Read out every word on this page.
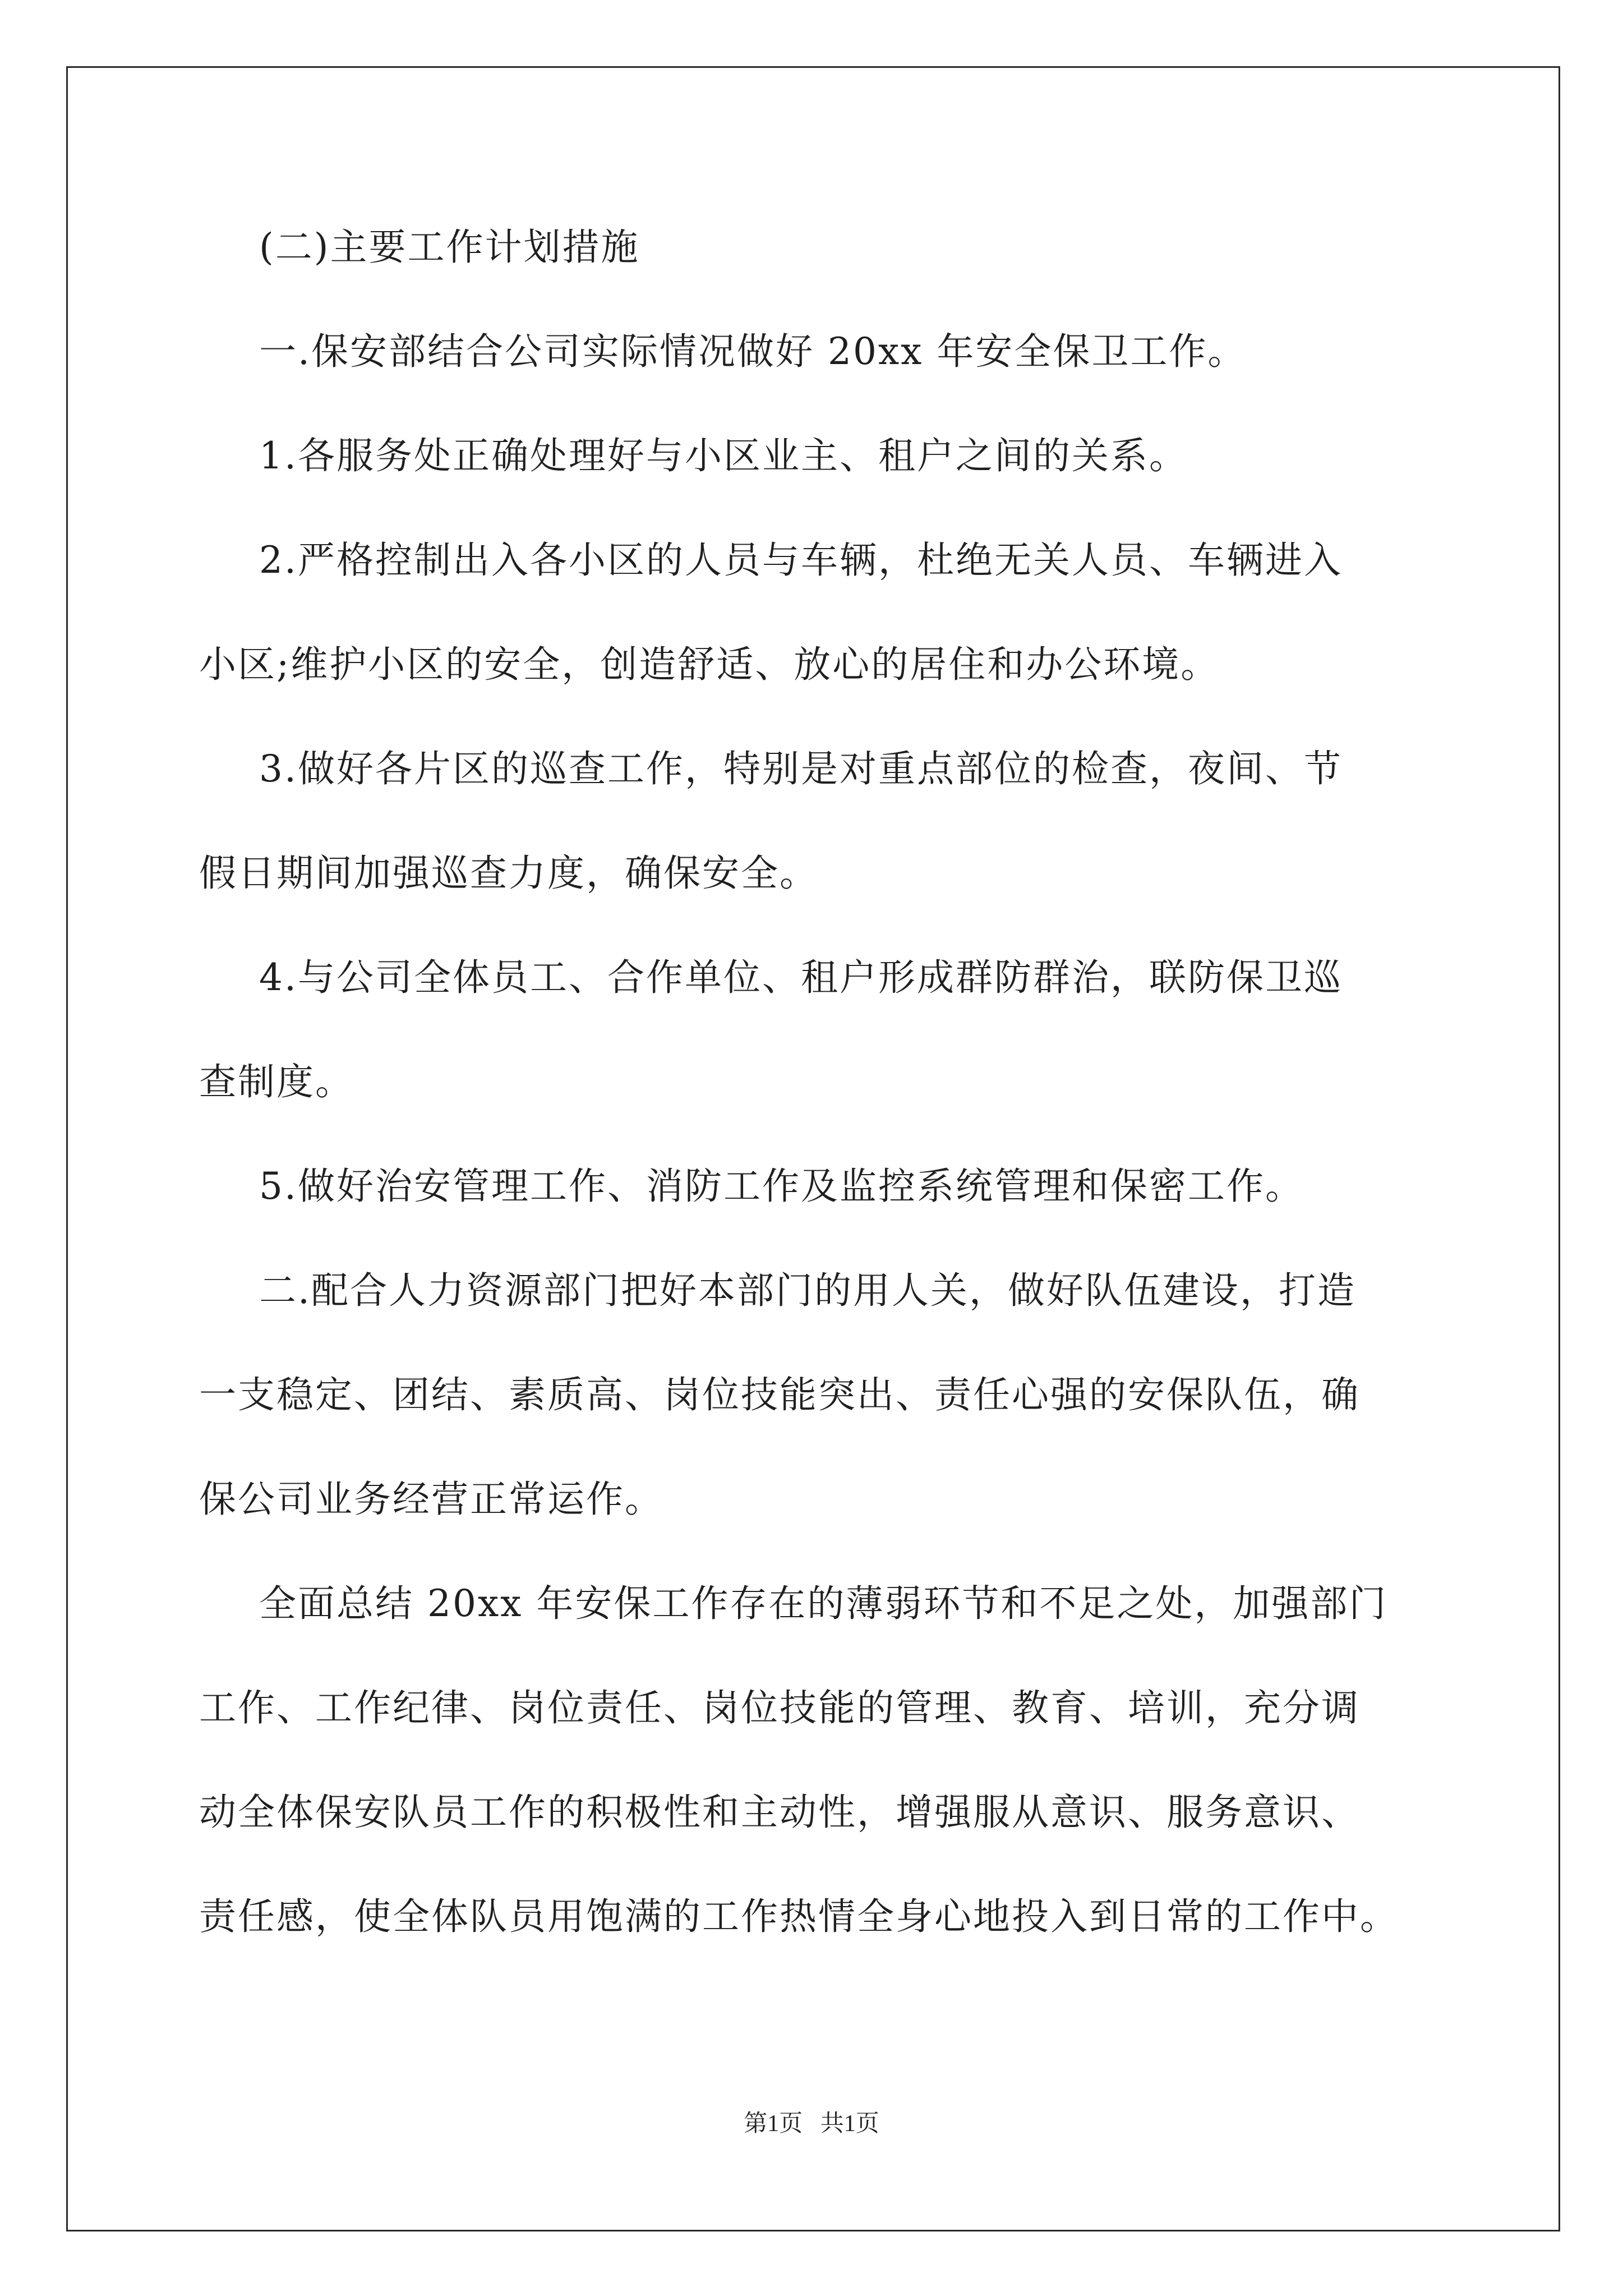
(二)主要工作计划措施
一.保安部结合公司实际情况做好 20xx 年安全保卫工作。
1.各服务处正确处理好与小区业主、租户之间的关系。
2.严格控制出入各小区的人员与车辆，杜绝无关人员、车辆进入
小区;维护小区的安全，创造舒适、放心的居住和办公环境。
3.做好各片区的巡查工作，特别是对重点部位的检查，夜间、节
假日期间加强巡查力度，确保安全。
4.与公司全体员工、合作单位、租户形成群防群治，联防保卫巡
查制度。
5.做好治安管理工作、消防工作及监控系统管理和保密工作。
二.配合人力资源部门把好本部门的用人关，做好队伍建设，打造
一支稳定、团结、素质高、岗位技能突出、责任心强的安保队伍，确
保公司业务经营正常运作。
全面总结 20xx 年安保工作存在的薄弱环节和不足之处，加强部门
工作、工作纪律、岗位责任、岗位技能的管理、教育、培训，充分调
动全体保安队员工作的积极性和主动性，增强服从意识、服务意识、
责任感，使全体队员用饱满的工作热情全身心地投入到日常的工作中。
第1页   共1页
